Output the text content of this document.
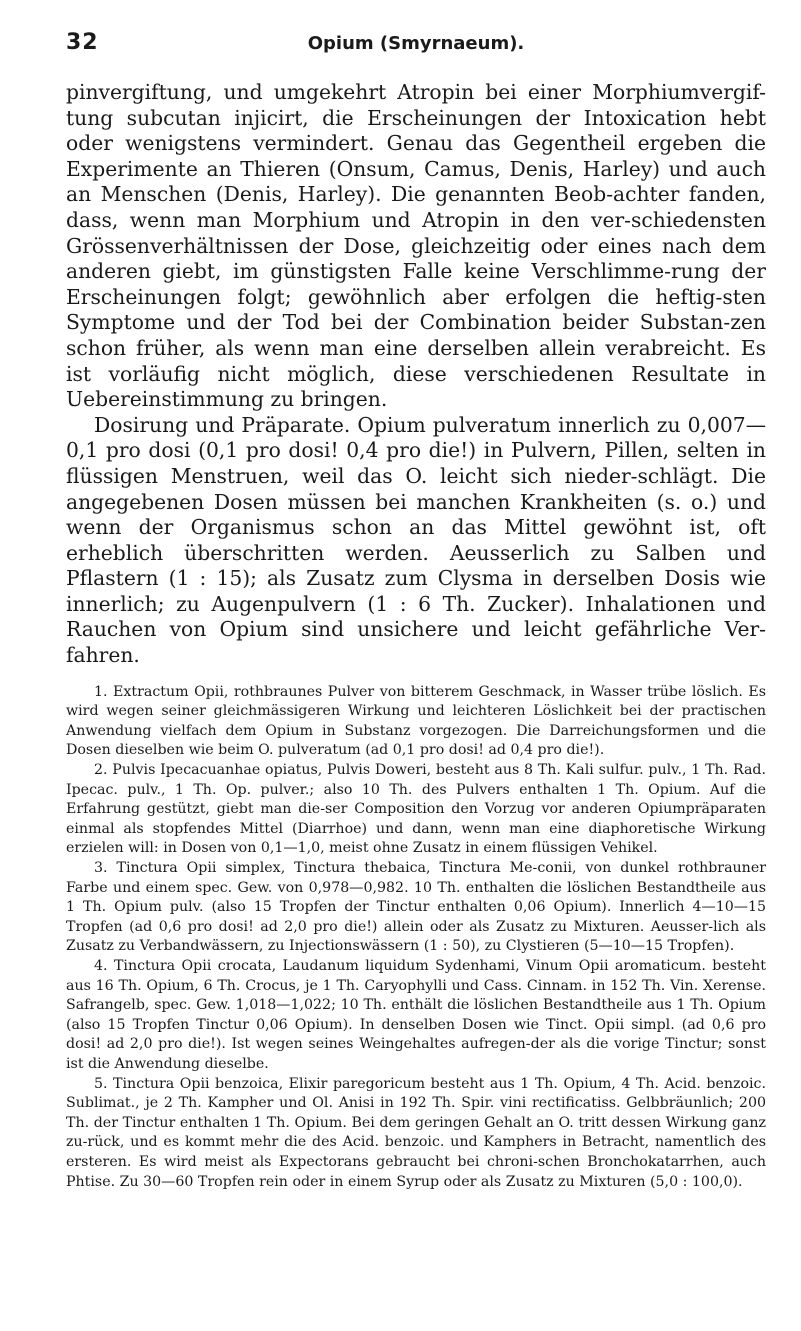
32	Opium (Smyrnaeum).

pinvergiftung, und umgekehrt Atropin bei einer Morphiumvergif-tung subcutan injicirt, die Erscheinungen der Intoxication hebt oder wenigstens vermindert. Genau das Gegentheil ergeben die Experimente an Thieren (Onsum, Camus, Denis, Harley) und auch an Menschen (Denis, Harley). Die genannten Beob-achter fanden, dass, wenn man Morphium und Atropin in den ver-schiedensten Grössenverhältnissen der Dose, gleichzeitig oder eines nach dem anderen giebt, im günstigsten Falle keine Verschlimme-rung der Erscheinungen folgt; gewöhnlich aber erfolgen die heftig-sten Symptome und der Tod bei der Combination beider Substan-zen schon früher, als wenn man eine derselben allein verabreicht. Es ist vorläufig nicht möglich, diese verschiedenen Resultate in Uebereinstimmung zu bringen.

Dosirung und Präparate. Opium pulveratum innerlich zu 0,007—0,1 pro dosi (0,1 pro dosi! 0,4 pro die!) in Pulvern, Pillen, selten in flüssigen Menstruen, weil das O. leicht sich nieder-schlägt. Die angegebenen Dosen müssen bei manchen Krankheiten (s. o.) und wenn der Organismus schon an das Mittel gewöhnt ist, oft erheblich überschritten werden. Aeusserlich zu Salben und Pflastern (1 : 15); als Zusatz zum Clysma in derselben Dosis wie innerlich; zu Augenpulvern (1 : 6 Th. Zucker). Inhalationen und Rauchen von Opium sind unsichere und leicht gefährliche Ver-fahren.

1. Extractum Opii, rothbraunes Pulver von bitterem Geschmack, in Wasser trübe löslich. Es wird wegen seiner gleichmässigeren Wirkung und leichteren Löslichkeit bei der practischen Anwendung vielfach dem Opium in Substanz vorgezogen. Die Darreichungsformen und die Dosen dieselben wie beim O. pulveratum (ad 0,1 pro dosi! ad 0,4 pro die!).

2. Pulvis Ipecacuanhae opiatus, Pulvis Doweri, besteht aus 8 Th. Kali sulfur. pulv., 1 Th. Rad. Ipecac. pulv., 1 Th. Op. pulver.; also 10 Th. des Pulvers enthalten 1 Th. Opium. Auf die Erfahrung gestützt, giebt man die-ser Composition den Vorzug vor anderen Opiumpräparaten einmal als stopfendes Mittel (Diarrhoe) und dann, wenn man eine diaphoretische Wirkung erzielen will: in Dosen von 0,1—1,0, meist ohne Zusatz in einem flüssigen Vehikel.

3. Tinctura Opii simplex, Tinctura thebaica, Tinctura Me-conii, von dunkel rothbrauner Farbe und einem spec. Gew. von 0,978—0,982. 10 Th. enthalten die löslichen Bestandtheile aus 1 Th. Opium pulv. (also 15 Tropfen der Tinctur enthalten 0,06 Opium). Innerlich 4—10—15 Tropfen (ad 0,6 pro dosi! ad 2,0 pro die!) allein oder als Zusatz zu Mixturen. Aeusser-lich als Zusatz zu Verbandwässern, zu Injectionswässern (1 : 50), zu Clystieren (5—10—15 Tropfen).

4. Tinctura Opii crocata, Laudanum liquidum Sydenhami, Vinum Opii aromaticum. besteht aus 16 Th. Opium, 6 Th. Crocus, je 1 Th. Caryophylli und Cass. Cinnam. in 152 Th. Vin. Xerense. Safrangelb, spec. Gew. 1,018—1,022; 10 Th. enthält die löslichen Bestandtheile aus 1 Th. Opium (also 15 Tropfen Tinctur 0,06 Opium). In denselben Dosen wie Tinct. Opii simpl. (ad 0,6 pro dosi! ad 2,0 pro die!). Ist wegen seines Weingehaltes aufregen-der als die vorige Tinctur; sonst ist die Anwendung dieselbe.

5. Tinctura Opii benzoica, Elixir paregoricum besteht aus 1 Th. Opium, 4 Th. Acid. benzoic. Sublimat., je 2 Th. Kampher und Ol. Anisi in 192 Th. Spir. vini rectificatiss. Gelbbräunlich; 200 Th. der Tinctur enthalten 1 Th. Opium. Bei dem geringen Gehalt an O. tritt dessen Wirkung ganz zu-rück, und es kommt mehr die des Acid. benzoic. und Kamphers in Betracht, namentlich des ersteren. Es wird meist als Expectorans gebraucht bei chroni-schen Bronchokatarrhen, auch Phtise. Zu 30—60 Tropfen rein oder in einem Syrup oder als Zusatz zu Mixturen (5,0 : 100,0).
